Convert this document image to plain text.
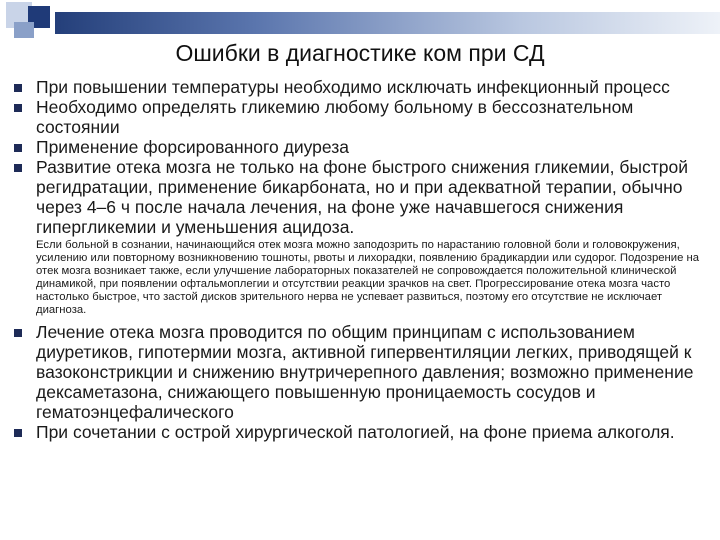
Ошибки в диагностике ком при СД
При повышении температуры необходимо исключать инфекционный процесс
Необходимо определять гликемию любому больному в бессознательном состоянии
Применение форсированного диуреза
Развитие отека мозга не только на фоне быстрого снижения гликемии, быстрой регидратации, применение бикарбоната, но и при адекватной терапии, обычно через 4–6 ч после начала лечения, на фоне уже начавшегося снижения гипергликемии и уменьшения ацидоза.
Если больной в сознании, начинающийся отек мозга можно заподозрить по нарастанию головной боли и головокружения, усилению или повторному возникновению тошноты, рвоты и лихорадки, появлению брадикардии или судорог. Подозрение на отек мозга возникает также, если улучшение лабораторных показателей не сопровождается положительной клинической динамикой, при появлении офтальмоплегии и отсутствии реакции зрачков на свет. Прогрессирование отека мозга часто настолько быстрое, что застой дисков зрительного нерва не успевает развиться, поэтому его отсутствие не исключает диагноза.
Лечение отека мозга проводится по общим принципам с использованием диуретиков, гипотермии мозга, активной гипервентиляции легких, приводящей к вазоконстрикции и снижению внутричерепного давления; возможно применение дексаметазона, снижающего повышенную проницаемость сосудов и гематоэнцефалического
При сочетании с острой хирургической патологией, на фоне приема алкоголя.
